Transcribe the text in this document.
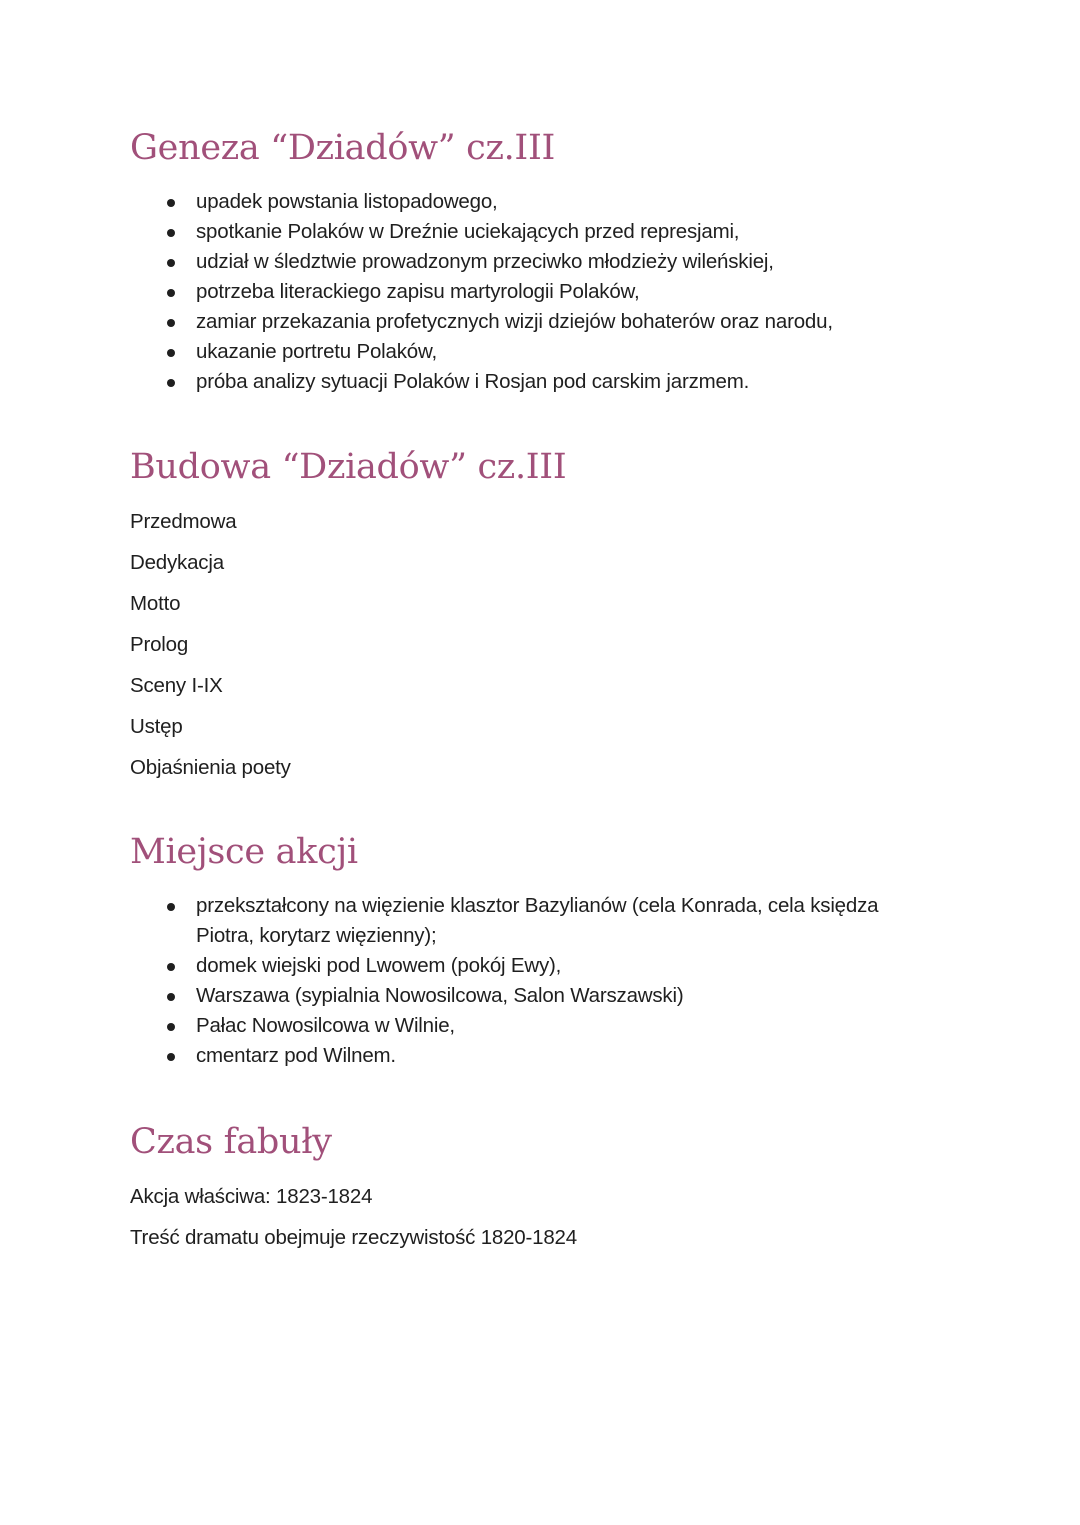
Geneza “Dziadów” cz.III
upadek powstania listopadowego,
spotkanie Polaków w Dreźnie uciekających przed represjami,
udział w śledztwie prowadzonym przeciwko młodzieży wileńskiej,
potrzeba literackiego zapisu martyrologii Polaków,
zamiar przekazania profetycznych wizji dziejów bohaterów oraz narodu,
ukazanie portretu Polaków,
próba analizy sytuacji Polaków i Rosjan pod carskim jarzmem.
Budowa “Dziadów” cz.III
Przedmowa
Dedykacja
Motto
Prolog
Sceny I-IX
Ustęp
Objaśnienia poety
Miejsce akcji
przekształcony na więzienie klasztor Bazylianów (cela Konrada, cela księdza Piotra, korytarz więzienny);
domek wiejski pod Lwowem (pokój Ewy),
Warszawa (sypialnia Nowosilcowa, Salon Warszawski)
Pałac Nowosilcowa w Wilnie,
cmentarz pod Wilnem.
Czas fabuły
Akcja właściwa: 1823-1824
Treść dramatu obejmuje rzeczywistość 1820-1824
